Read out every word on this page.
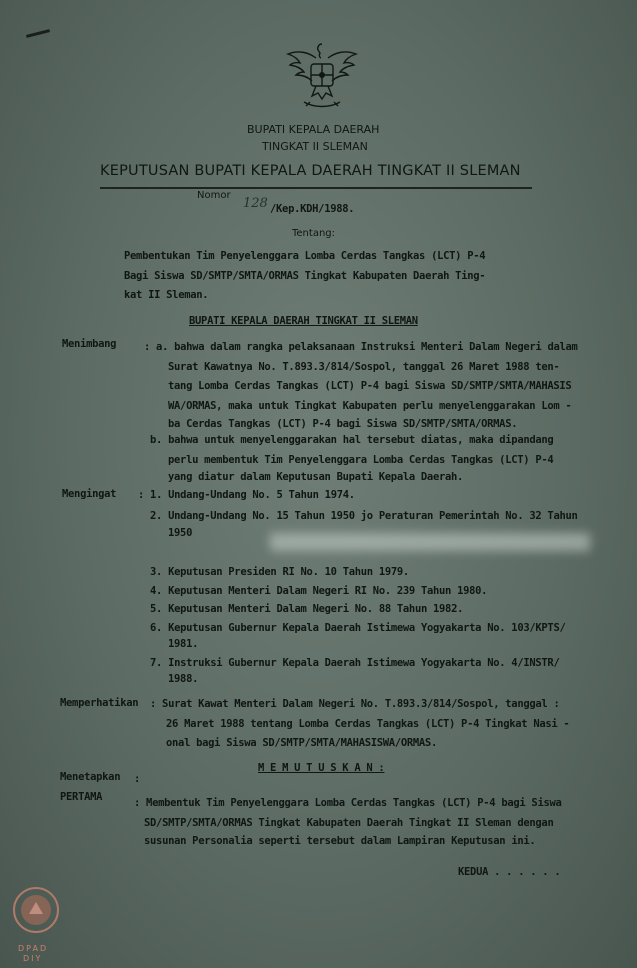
BUPATI KEPALA DAERAH
TINGKAT II SLEMAN
KEPUTUSAN BUPATI KEPALA DAERAH TINGKAT II SLEMAN
Nomor
128 /Kep.KDH/1988.
Tentang:
Pembentukan Tim Penyelenggara Lomba Cerdas Tangkas (LCT) P-4
Bagi Siswa SD/SMTP/SMTA/ORMAS Tingkat Kabupaten Daerah Ting-
kat II Sleman.
BUPATI KEPALA DAERAH TINGKAT II SLEMAN
Menimbang	: a. bahwa dalam rangka pelaksanaan Instruksi Menteri Dalam Negeri dalam
Surat Kawatnya No. T.893.3/814/Sospol, tanggal 26 Maret 1988 ten-
tang Lomba Cerdas Tangkas (LCT) P-4 bagi Siswa SD/SMTP/SMTA/MAHASIS
WA/ORMAS, maka untuk Tingkat Kabupaten perlu menyelenggarakan Lom -
ba Cerdas Tangkas (LCT) P-4 bagi Siswa SD/SMTP/SMTA/ORMAS.
b. bahwa untuk menyelenggarakan hal tersebut diatas, maka dipandang
perlu membentuk Tim Penyelenggara Lomba Cerdas Tangkas (LCT) P-4
yang diatur dalam Keputusan Bupati Kepala Daerah.
Mengingat : 1. Undang-Undang No. 5 Tahun 1974.
2. Undang-Undang No. 15 Tahun 1950 jo Peraturan Pemerintah No. 32 Tahun
1950
3. Keputusan Presiden RI No. 10 Tahun 1979.
4. Keputusan Menteri Dalam Negeri RI No. 239 Tahun 1980.
5. Keputusan Menteri Dalam Negeri No. 88 Tahun 1982.
6. Keputusan Gubernur Kepala Daerah Istimewa Yogyakarta No. 103/KPTS/
1981.
7. Instruksi Gubernur Kepala Daerah Istimewa Yogyakarta No. 4/INSTR/
1988.
Memperhatikan : Surat Kawat Menteri Dalam Negeri No. T.893.3/814/Sospol, tanggal :
26 Maret 1988 tentang Lomba Cerdas Tangkas (LCT) P-4 Tingkat Nasi -
onal bagi Siswa SD/SMTP/SMTA/MAHASISWA/ORMAS.
M E M U T U S K A N :
Menetapkan :
PERTAMA	: Membentuk Tim Penyelenggara Lomba Cerdas Tangkas (LCT) P-4 bagi Siswa
SD/SMTP/SMTA/ORMAS Tingkat Kabupaten Daerah Tingkat II Sleman dengan
susunan Personalia seperti tersebut dalam Lampiran Keputusan ini.
KEDUA . . . . . .
DPAD
DIY
